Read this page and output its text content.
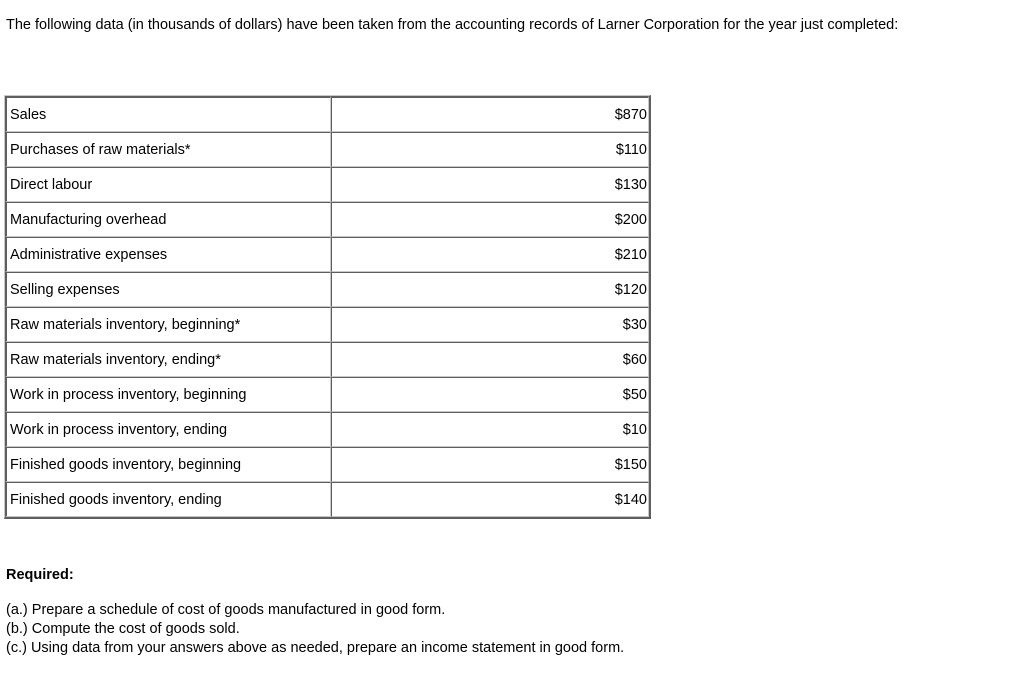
The following data (in thousands of dollars) have been taken from the accounting records of Larner Corporation for the year just completed:
Sales	$870
Purchases of raw materials*	$110
Direct labour	$130
Manufacturing overhead	$200
Administrative expenses	$210
Selling expenses	$120
Raw materials inventory, beginning*	$30
Raw materials inventory, ending*	$60
Work in process inventory, beginning	$50
Work in process inventory, ending	$10
Finished goods inventory, beginning	$150
Finished goods inventory, ending	$140
Required:
(a.) Prepare a schedule of cost of goods manufactured in good form.
(b.) Compute the cost of goods sold.
(c.) Using data from your answers above as needed, prepare an income statement in good form.
